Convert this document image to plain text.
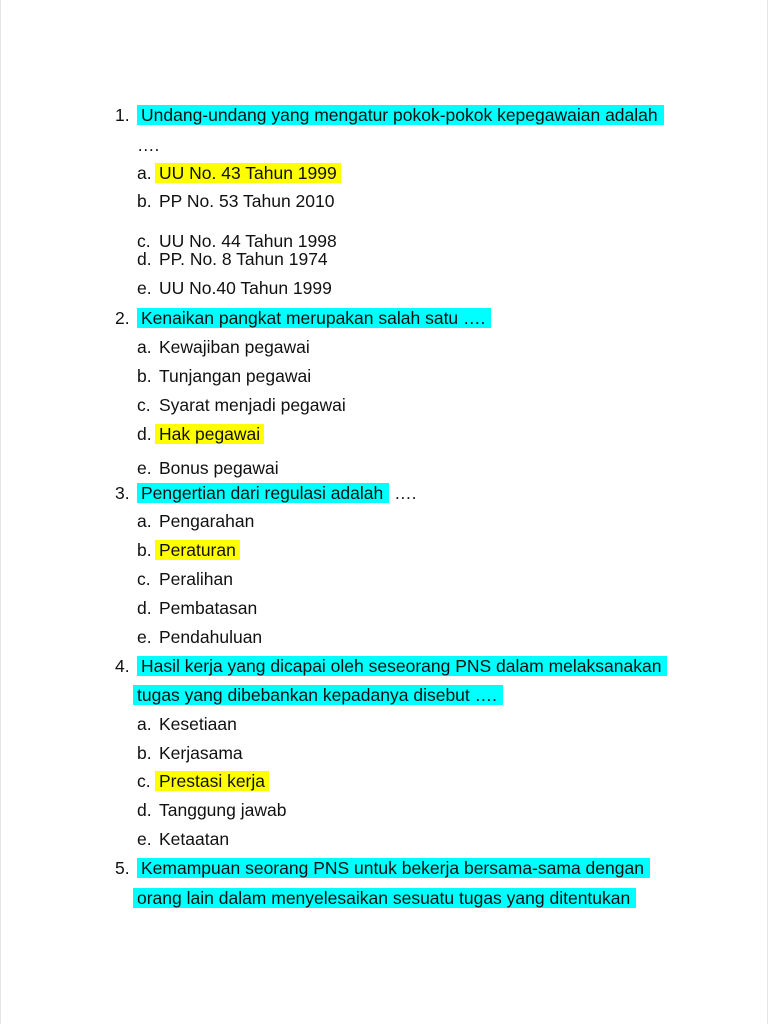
1. Undang-undang yang mengatur pokok-pokok kepegawaian adalah
….
a. UU No. 43 Tahun 1999
b. PP No. 53 Tahun 2010
c. UU No. 44 Tahun 1998
d. PP. No. 8 Tahun 1974
e. UU No.40 Tahun 1999
2. Kenaikan pangkat merupakan salah satu ….
a. Kewajiban pegawai
b. Tunjangan pegawai
c. Syarat menjadi pegawai
d. Hak pegawai
e. Bonus pegawai
3. Pengertian dari regulasi adalah ….
a. Pengarahan
b. Peraturan
c. Peralihan
d. Pembatasan
e. Pendahuluan
4. Hasil kerja yang dicapai oleh seseorang PNS dalam melaksanakan
tugas yang dibebankan kepadanya disebut ….
a. Kesetiaan
b. Kerjasama
c. Prestasi kerja
d. Tanggung jawab
e. Ketaatan
5. Kemampuan seorang PNS untuk bekerja bersama-sama dengan
orang lain dalam menyelesaikan sesuatu tugas yang ditentukan
